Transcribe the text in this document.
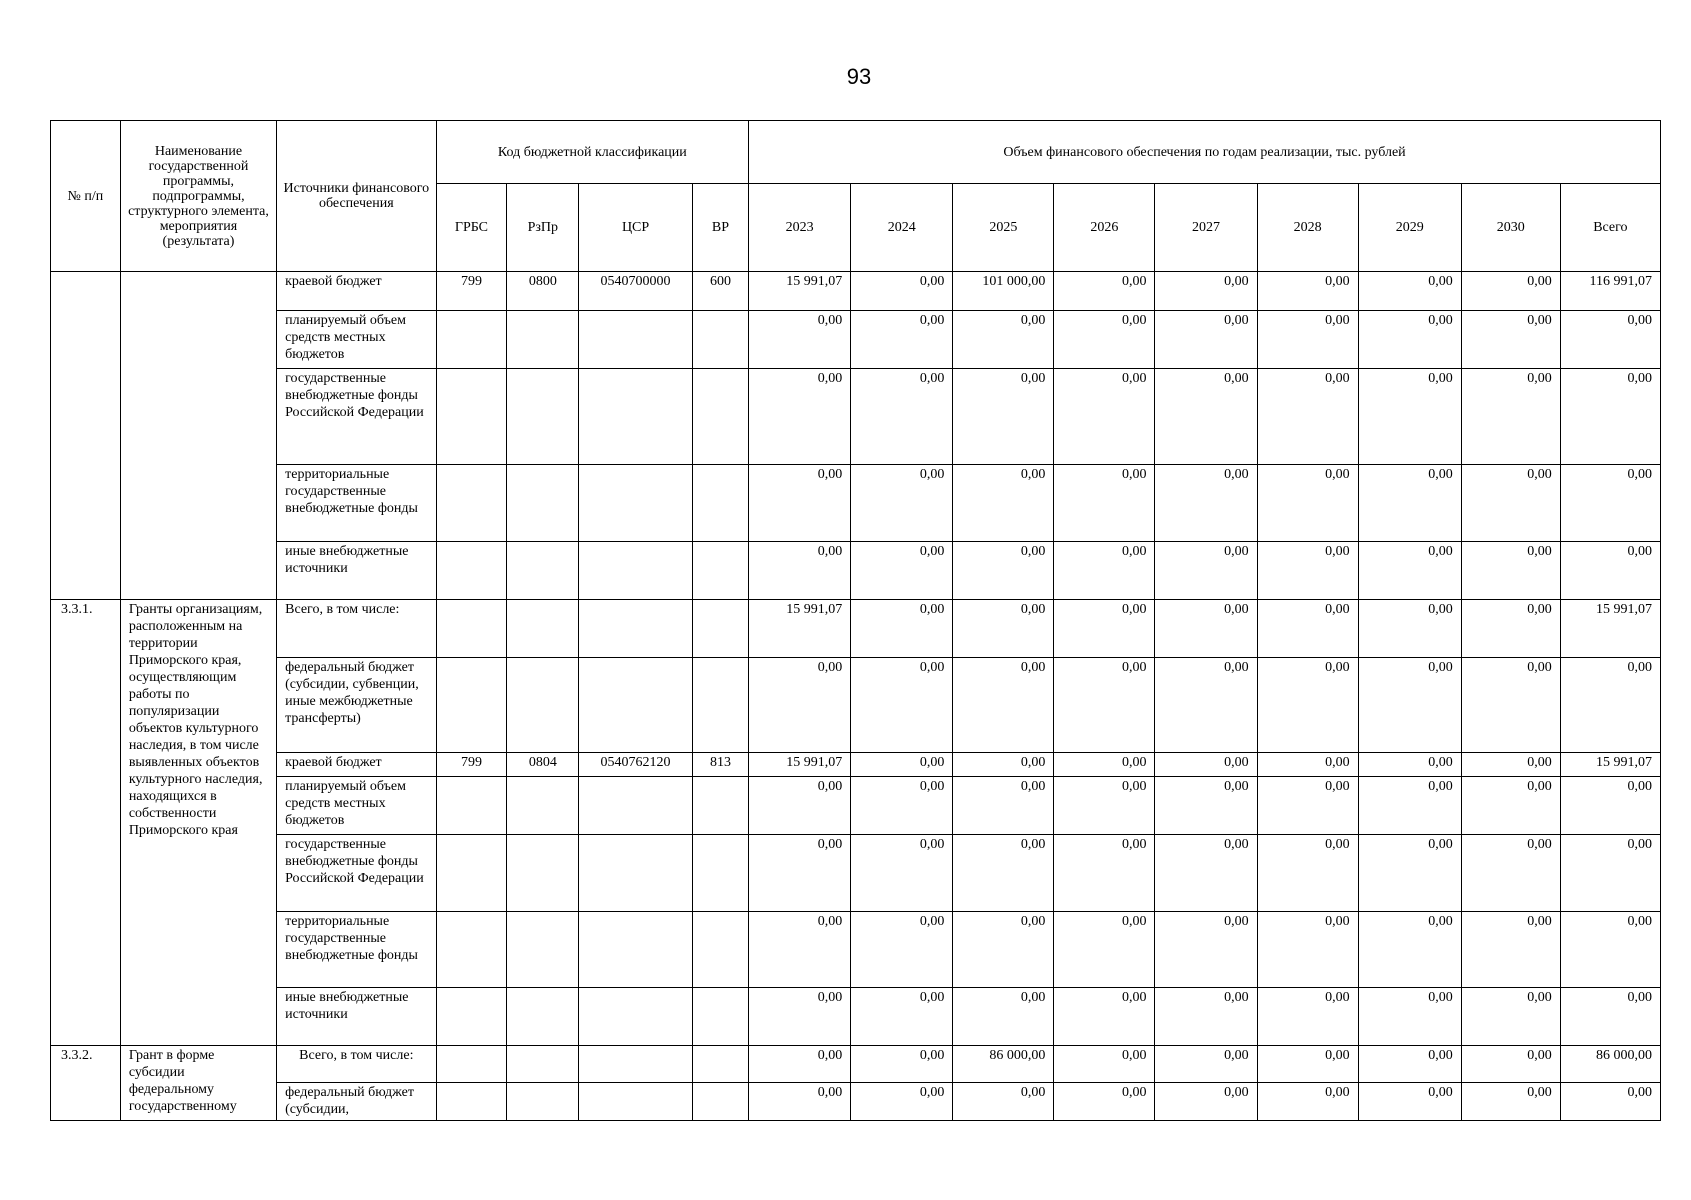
93
№ п/п	Наименование государственной программы, подпрограммы, структурного элемента, мероприятия (результата)	Источники финансового обеспечения	Код бюджетной классификации				Объем финансового обеспечения по годам реализации, тыс. рублей								
			ГРБС	РзПр	ЦСР	ВР	2023	2024	2025	2026	2027	2028	2029	2030	Всего
		краевой бюджет	799	0800	0540700000	600	15 991,07	0,00	101 000,00	0,00	0,00	0,00	0,00	0,00	116 991,07
		планируемый объем средств местных бюджетов					0,00	0,00	0,00	0,00	0,00	0,00	0,00	0,00	0,00
		государственные внебюджетные фонды Российской Федерации					0,00	0,00	0,00	0,00	0,00	0,00	0,00	0,00	0,00
		территориальные государственные внебюджетные фонды					0,00	0,00	0,00	0,00	0,00	0,00	0,00	0,00	0,00
		иные внебюджетные источники					0,00	0,00	0,00	0,00	0,00	0,00	0,00	0,00	0,00
3.3.1.	Гранты организациям, расположенным на территории Приморского края, осуществляющим работы по популяризации объектов культурного наследия, в том числе выявленных объектов культурного наследия, находящихся в собственности Приморского края	Всего, в том числе:					15 991,07	0,00	0,00	0,00	0,00	0,00	0,00	0,00	15 991,07
		федеральный бюджет (субсидии, субвенции, иные межбюджетные трансферты)					0,00	0,00	0,00	0,00	0,00	0,00	0,00	0,00	0,00
		краевой бюджет	799	0804	0540762120	813	15 991,07	0,00	0,00	0,00	0,00	0,00	0,00	0,00	15 991,07
		планируемый объем средств местных бюджетов					0,00	0,00	0,00	0,00	0,00	0,00	0,00	0,00	0,00
		государственные внебюджетные фонды Российской Федерации					0,00	0,00	0,00	0,00	0,00	0,00	0,00	0,00	0,00
		территориальные государственные внебюджетные фонды					0,00	0,00	0,00	0,00	0,00	0,00	0,00	0,00	0,00
		иные внебюджетные источники					0,00	0,00	0,00	0,00	0,00	0,00	0,00	0,00	0,00
3.3.2.	Грант в форме субсидии федеральному государственному	Всего, в том числе:					0,00	0,00	86 000,00	0,00	0,00	0,00	0,00	0,00	86 000,00
		федеральный бюджет (субсидии,					0,00	0,00	0,00	0,00	0,00	0,00	0,00	0,00	0,00
